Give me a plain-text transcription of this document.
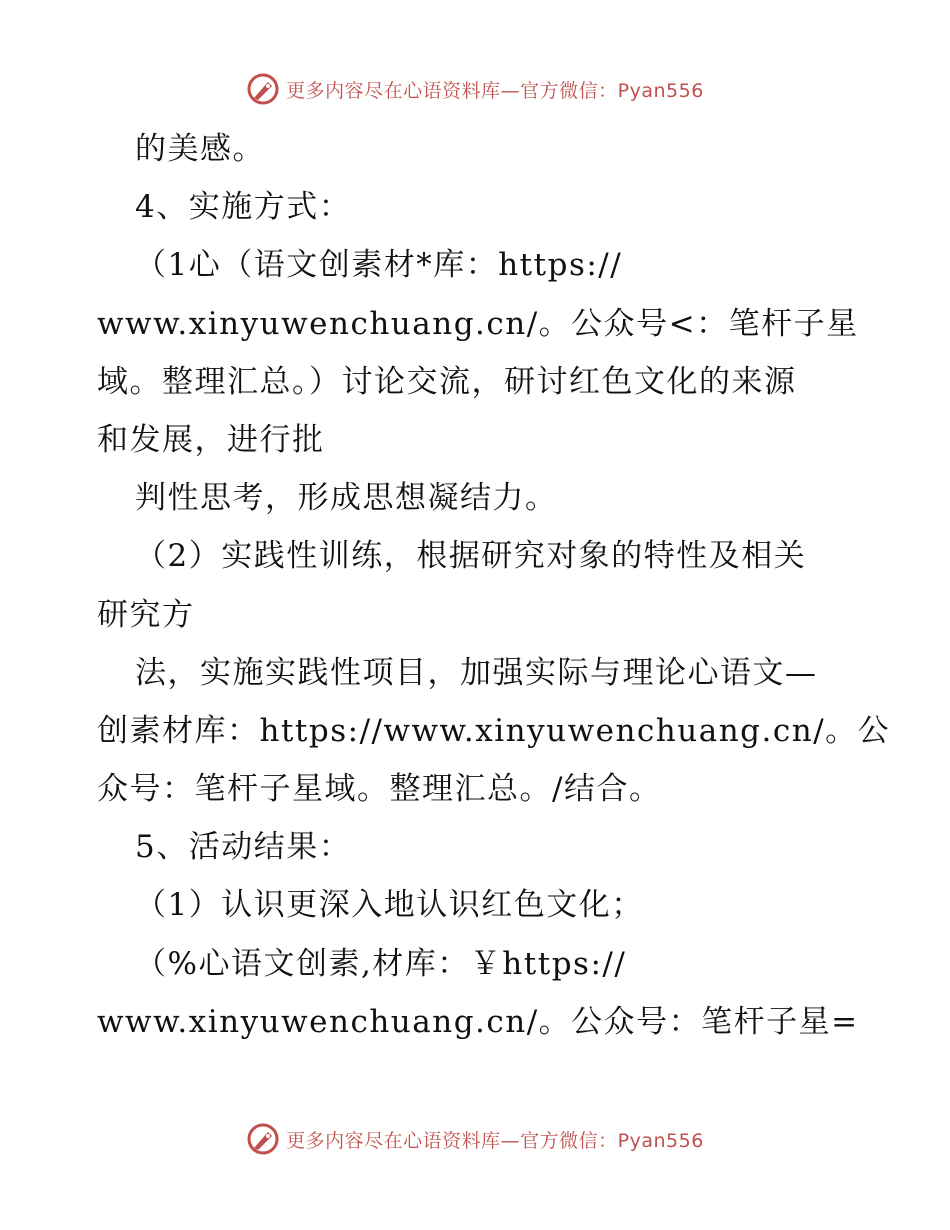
更多内容尽在心语资料库—官方微信：Pyan556
的美感。
4、实施方式：
（1心（语文创素材*库：https://
www.xinyuwenchuang.cn/。公众号<：笔杆子星
域。整理汇总。）讨论交流，研讨红色文化的来源
和发展，进行批
判性思考，形成思想凝结力。
（2）实践性训练，根据研究对象的特性及相关
研究方
法，实施实践性项目，加强实际与理论心语文—
创素材库：https://www.xinyuwenchuang.cn/。公
众号：笔杆子星域。整理汇总。/结合。
5、活动结果：
（1）认识更深入地认识红色文化；
（%心语文创素,材库：￥https://
www.xinyuwenchuang.cn/。公众号：笔杆子星=
更多内容尽在心语资料库—官方微信：Pyan556
